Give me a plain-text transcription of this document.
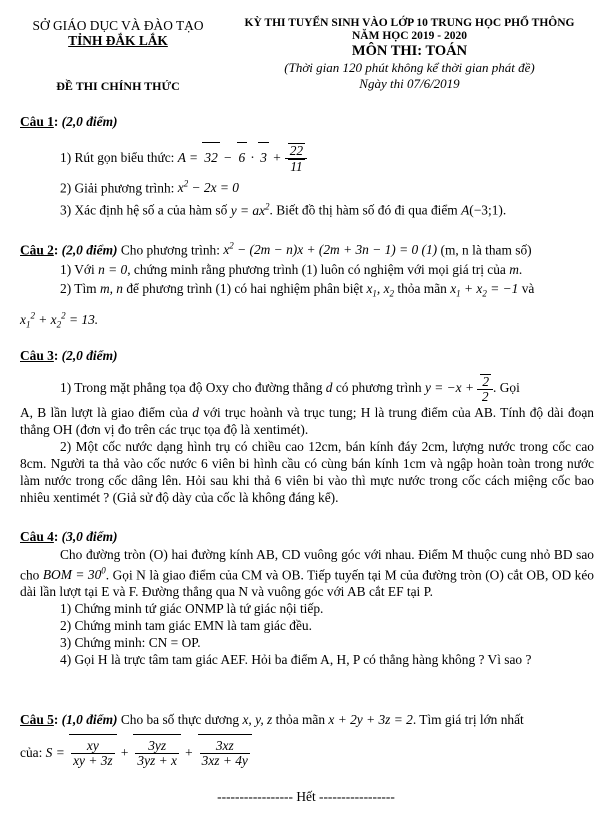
SỞ GIÁO DỤC VÀ ĐÀO TẠO
TỈNH ĐẮK LẮK
ĐỀ THI CHÍNH THỨC
KỲ THI TUYỂN SINH VÀO LỚP 10 TRUNG HỌC PHỔ THÔNG
NĂM HỌC 2019 - 2020
MÔN THI: TOÁN
(Thời gian 120 phút không kể thời gian phát đề)
Ngày thi 07/6/2019

Câu 1: (2,0 điểm)

1) Rút gọn biểu thức: $A = 32 - 6 \cdot 3 + \frac{22}{11}$

2) Giải phương trình: $x^2 - 2x = 0$

3) Xác định hệ số a của hàm số $y = ax^2$. Biết đồ thị hàm số đó đi qua điểm A(−3;1).

Câu 2: (2,0 điểm) Cho phương trình: $x^2 - (2m - n)x + (2m + 3n - 1) = 0$ (1) (m, n là tham số)

1) Với n = 0, chứng minh rằng phương trình (1) luôn có nghiệm với mọi giá trị của m.

2) Tìm m, n để phương trình (1) có hai nghiệm phân biệt $x_1$, $x_2$ thỏa mãn $x_1 + x_2 = -1$ và

$x_1^2 + x_2^2 = 13$.

Câu 3: (2,0 điểm)

1) Trong mặt phẳng tọa độ Oxy cho đường thẳng d có phương trình $y = -x + \frac{2}{2}$ . Gọi

A, B lần lượt là giao điểm của d với trục hoành và trục tung; H là trung điểm của AB. Tính độ dài đoạn thẳng OH (đơn vị đo trên các trục tọa độ là xentimét).

2) Một cốc nước dạng hình trụ có chiều cao 12cm, bán kính đáy 2cm, lượng nước trong cốc cao 8cm. Người ta thả vào cốc nước 6 viên bi hình cầu có cùng bán kính 1cm và ngập hoàn toàn trong nước làm nước trong cốc dâng lên. Hỏi sau khi thả 6 viên bi vào thì mực nước trong cốc cách miệng cốc bao nhiêu xentimét ? (Giả sử độ dày của cốc là không đáng kể).

Câu 4: (3,0 điểm)

Cho đường tròn (O) hai đường kính AB, CD vuông góc với nhau. Điểm M thuộc cung nhỏ BD sao cho BOM = $30^0$. Gọi N là giao điểm của CM và OB. Tiếp tuyến tại M của đường tròn (O) cắt OB, OD kéo dài lần lượt tại E và F. Đường thẳng qua N và vuông góc với AB cắt EF tại P.

1) Chứng minh tứ giác ONMP là tứ giác nội tiếp.

2) Chứng minh tam giác EMN là tam giác đều.

3) Chứng minh: CN = OP.

4) Gọi H là trực tâm tam giác AEF. Hỏi ba điểm A, H, P có thẳng hàng không ? Vì sao ?

Câu 5: (1,0 điểm) Cho ba số thực dương x, y, z thỏa mãn x + 2y + 3z = 2. Tìm giá trị lớn nhất

của: $S = \frac{xy}{xy + 3z} + \frac{3yz}{3yz + x} + \frac{3xz}{3xz + 4y}$

----------------- Hết -----------------
